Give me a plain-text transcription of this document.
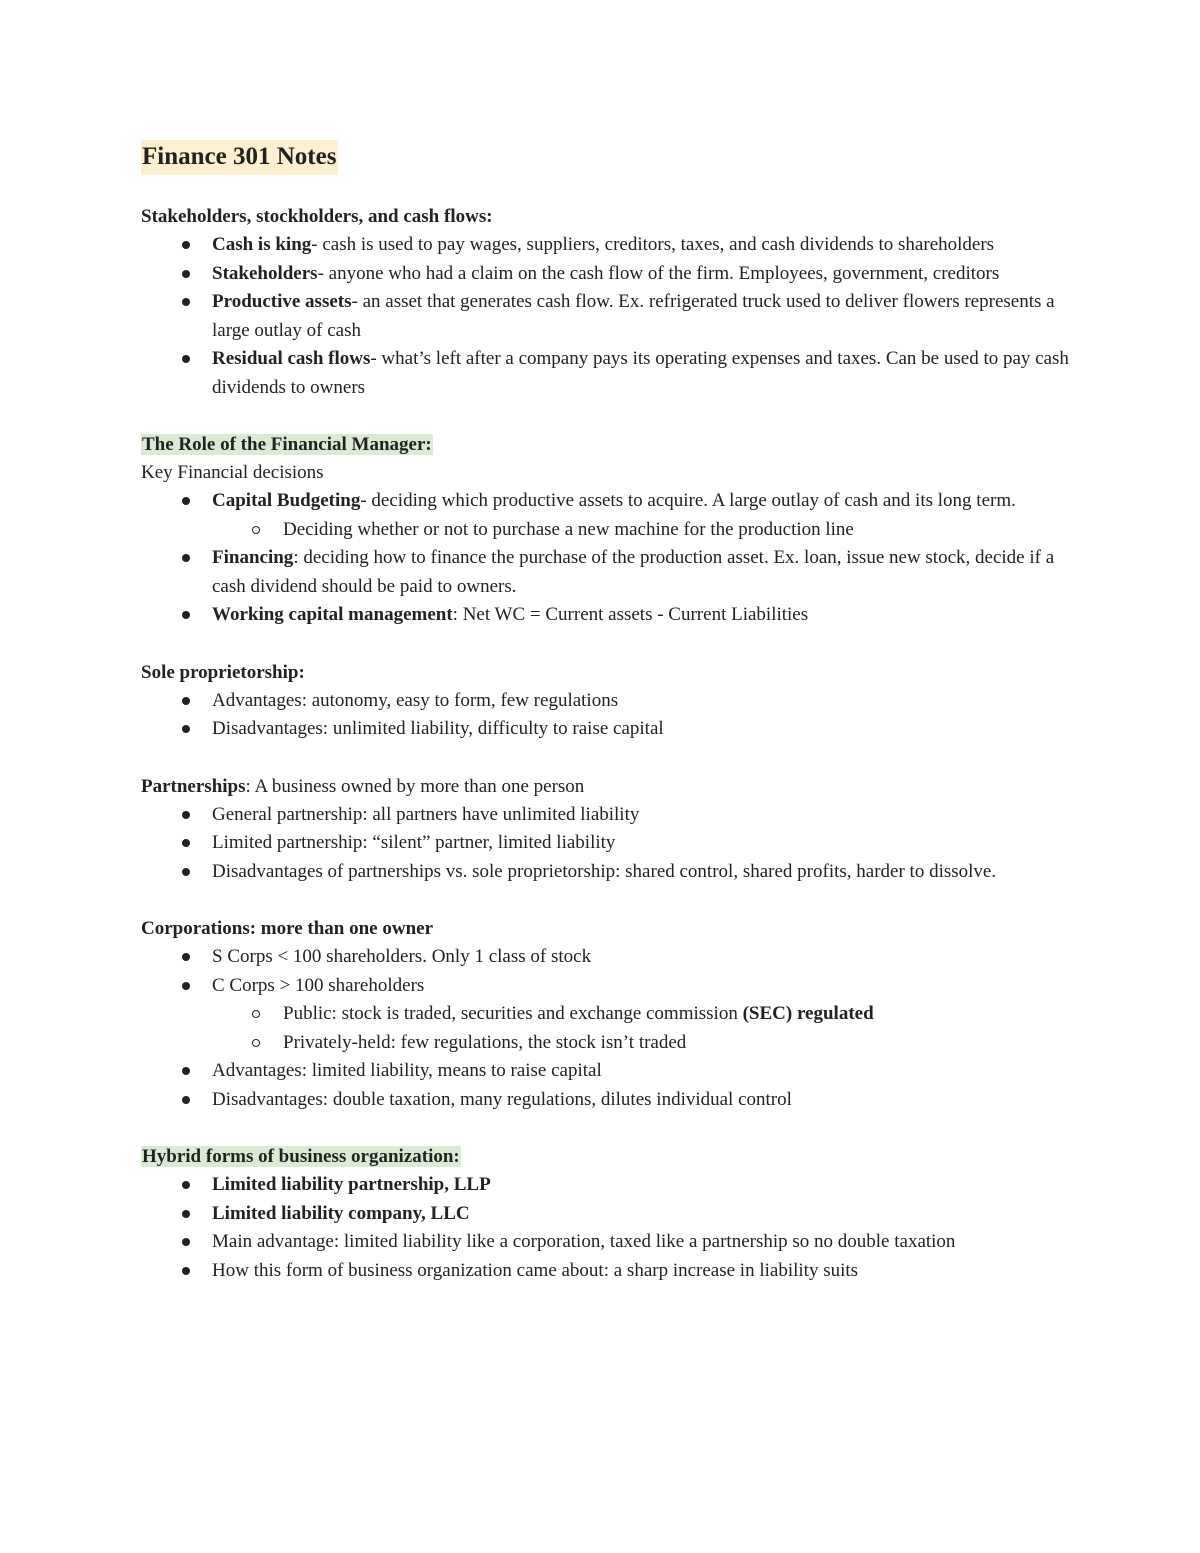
Finance 301 Notes

Stakeholders, stockholders, and cash flows:

Cash is king- cash is used to pay wages, suppliers, creditors, taxes, and cash dividends to shareholders
Stakeholders- anyone who had a claim on the cash flow of the firm. Employees, government, creditors
Productive assets- an asset that generates cash flow. Ex. refrigerated truck used to deliver flowers represents a large outlay of cash
Residual cash flows- what’s left after a company pays its operating expenses and taxes. Can be used to pay cash dividends to owners

The Role of the Financial Manager:

Key Financial decisions

Capital Budgeting- deciding which productive assets to acquire. A large outlay of cash and its long term.
Deciding whether or not to purchase a new machine for the production line
Financing: deciding how to finance the purchase of the production asset. Ex. loan, issue new stock, decide if a cash dividend should be paid to owners.
Working capital management: Net WC = Current assets - Current Liabilities

Sole proprietorship:

Advantages: autonomy, easy to form, few regulations
Disadvantages: unlimited liability, difficulty to raise capital

Partnerships: A business owned by more than one person

General partnership: all partners have unlimited liability
Limited partnership: “silent” partner, limited liability
Disadvantages of partnerships vs. sole proprietorship: shared control, shared profits, harder to dissolve.

Corporations: more than one owner

S Corps < 100 shareholders. Only 1 class of stock
C Corps > 100 shareholders
Public: stock is traded, securities and exchange commission (SEC) regulated
Privately-held: few regulations, the stock isn’t traded
Advantages: limited liability, means to raise capital
Disadvantages: double taxation, many regulations, dilutes individual control

Hybrid forms of business organization:

Limited liability partnership, LLP
Limited liability company, LLC
Main advantage: limited liability like a corporation, taxed like a partnership so no double taxation
How this form of business organization came about: a sharp increase in liability suits
